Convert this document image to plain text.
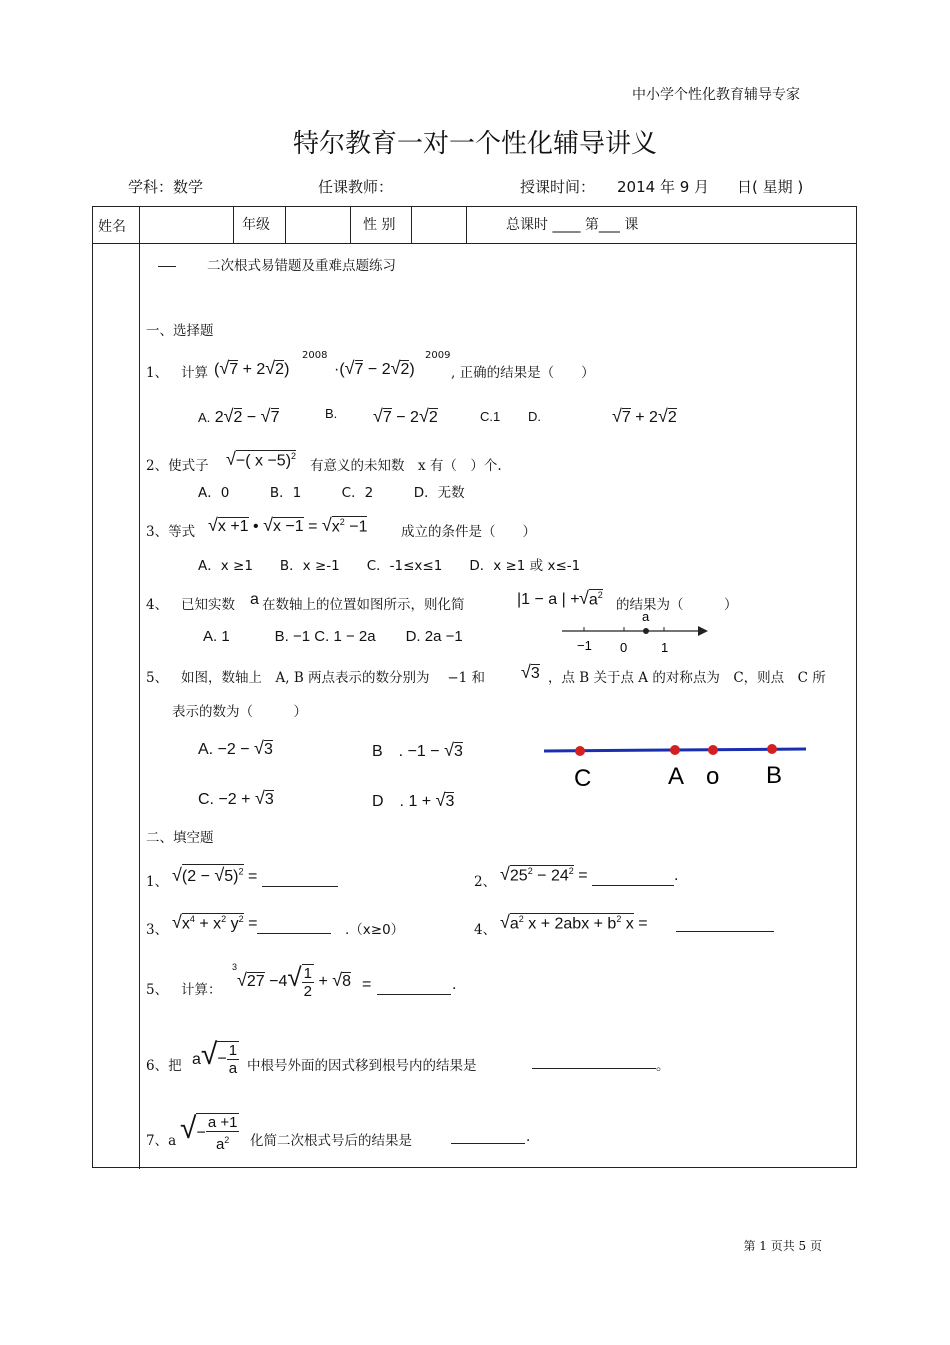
中小学个性化教育辅导专家
特尔教育一对一个性化辅导讲义
学科：数学	任课教师：	授课时间： 2014 年 9 月 日( 星期 )
姓名	年级	性 别	总课时 ____ 第___ 课
二次根式易错题及重难点题练习
一、选择题
1、 计算 (√7 + 2√2)
2008
·(√7 − 2√2)
2009
, 正确的结果是（　　）
A. 2√2 − √7	B. √7 − 2√2	C.1 D.	√7 + 2√2
2、使式子 √−( x −5)$^2$
有意义的未知数　x 有（　）个.
A．0　　　B．1　　　C．2　　　D．无数
3、等式 √x +1 • $√x -1 = √x^2 -1$ 成立的条件是（　　）
A．x ≥1　　B．x ≥-1　　C．-1≤x≤1　　D．x ≥1 或 x≤-1
4、 已知实数 a 在数轴上的位置如图所示，则化简	|1 − a | + $√a^2$
的结果为（　　　）
A. 1　　　B. −1 C. 1 − 2a　　D. 2a −1
a
−1 0	1
5、 如图，数轴上　A, B 两点表示的数分别为　 −1 和 √3 ，点 B 关于点 A 的对称点为　C，则点　C 所
表示的数为（　　　）
A. −2 − √3	B　. −1 − √3
C. −2 + √3	D　. 1 + √3
C	A o B
二、填空题
1、 $√(2 - √5)^2$ =	2、 $√25^2 - 24^2$ =	.
3、 $√x^4 + x^2$ $y^2$ =	.（x≥0）	4、 $√a^2$ $x + 2abx + b^2$ x =
5、 计算：
$^3√27 -4√ \frac{1}{2} + √8$ =	.
6、把 $a√- \frac{1}{a}$ 中根号外面的因式移到根号内的结果是	。
7、a √− $\frac{a +1}{a^2}$ 化简二次根式号后的结果是	.
第 1 页共 5 页
